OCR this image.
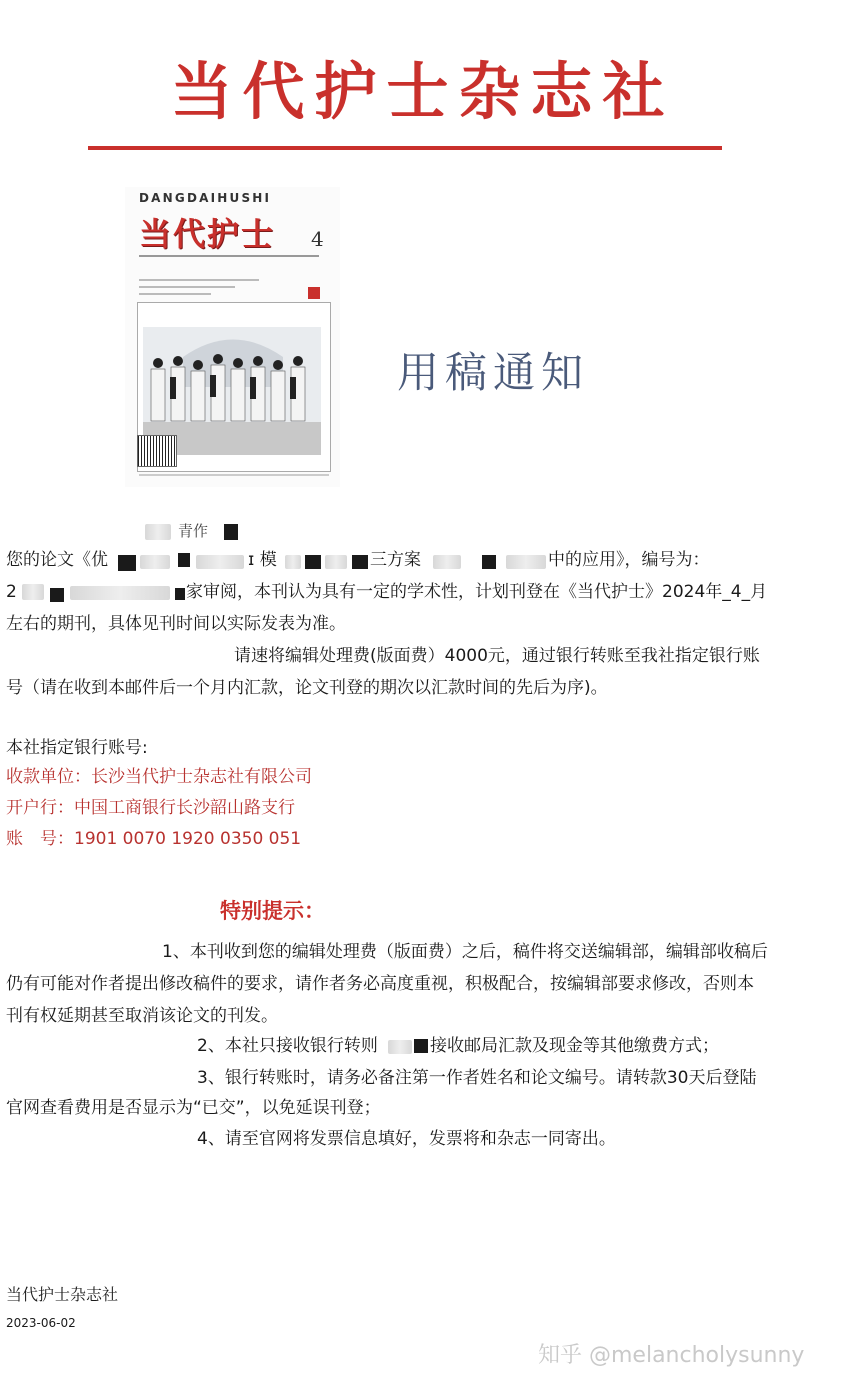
当代护士杂志社
DANGDAIHUSHI
当代护士 4
用稿通知
青作
您的论文《优	ɪ 模	三方案	中的应用》，编号为：
2	家审阅，本刊认为具有一定的学术性，计划刊登在《当代护士》2024年_4_月
左右的期刊，具体见刊时间以实际发表为准。
请速将编辑处理费(版面费）4000元，通过银行转账至我社指定银行账
号（请在收到本邮件后一个月内汇款，论文刊登的期次以汇款时间的先后为序)。
本社指定银行账号:
收款单位：长沙当代护士杂志社有限公司
开户行：中国工商银行长沙韶山路支行
账　号：1901 0070 1920 0350 051
特别提示：
1、本刊收到您的编辑处理费（版面费）之后，稿件将交送编辑部，编辑部收稿后
仍有可能对作者提出修改稿件的要求，请作者务必高度重视，积极配合，按编辑部要求修改，否则本
刊有权延期甚至取消该论文的刊发。
2、本社只接收银行转则	接收邮局汇款及现金等其他缴费方式；
3、银行转账时，请务必备注第一作者姓名和论文编号。请转款30天后登陆
官网查看费用是否显示为“已交”，以免延误刊登；
4、请至官网将发票信息填好，发票将和杂志一同寄出。
当代护士杂志社
2023-06-02
知乎 @melancholysunny
